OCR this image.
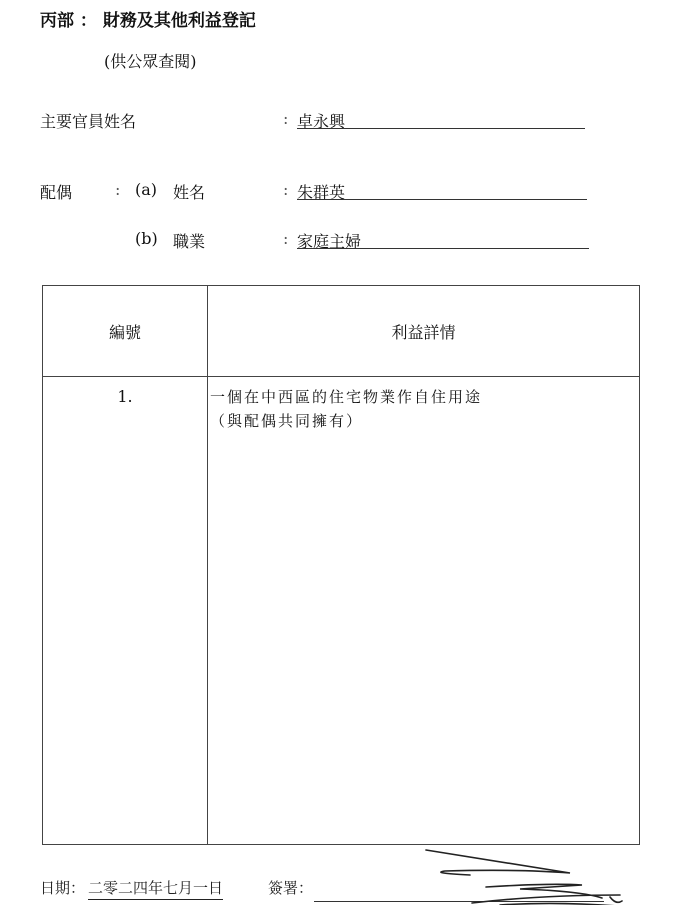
丙部 ： 財務及其他利益登記
(供公眾查閱)
主要官員姓名	: 卓永興
配偶	: (a) 姓名	: 朱群英
(b) 職業	: 家庭主婦
編號	利益詳情
1.	一個在中西區的住宅物業作自住用途
（與配偶共同擁有）
日期： 二零二四年七月一日	簽署：
